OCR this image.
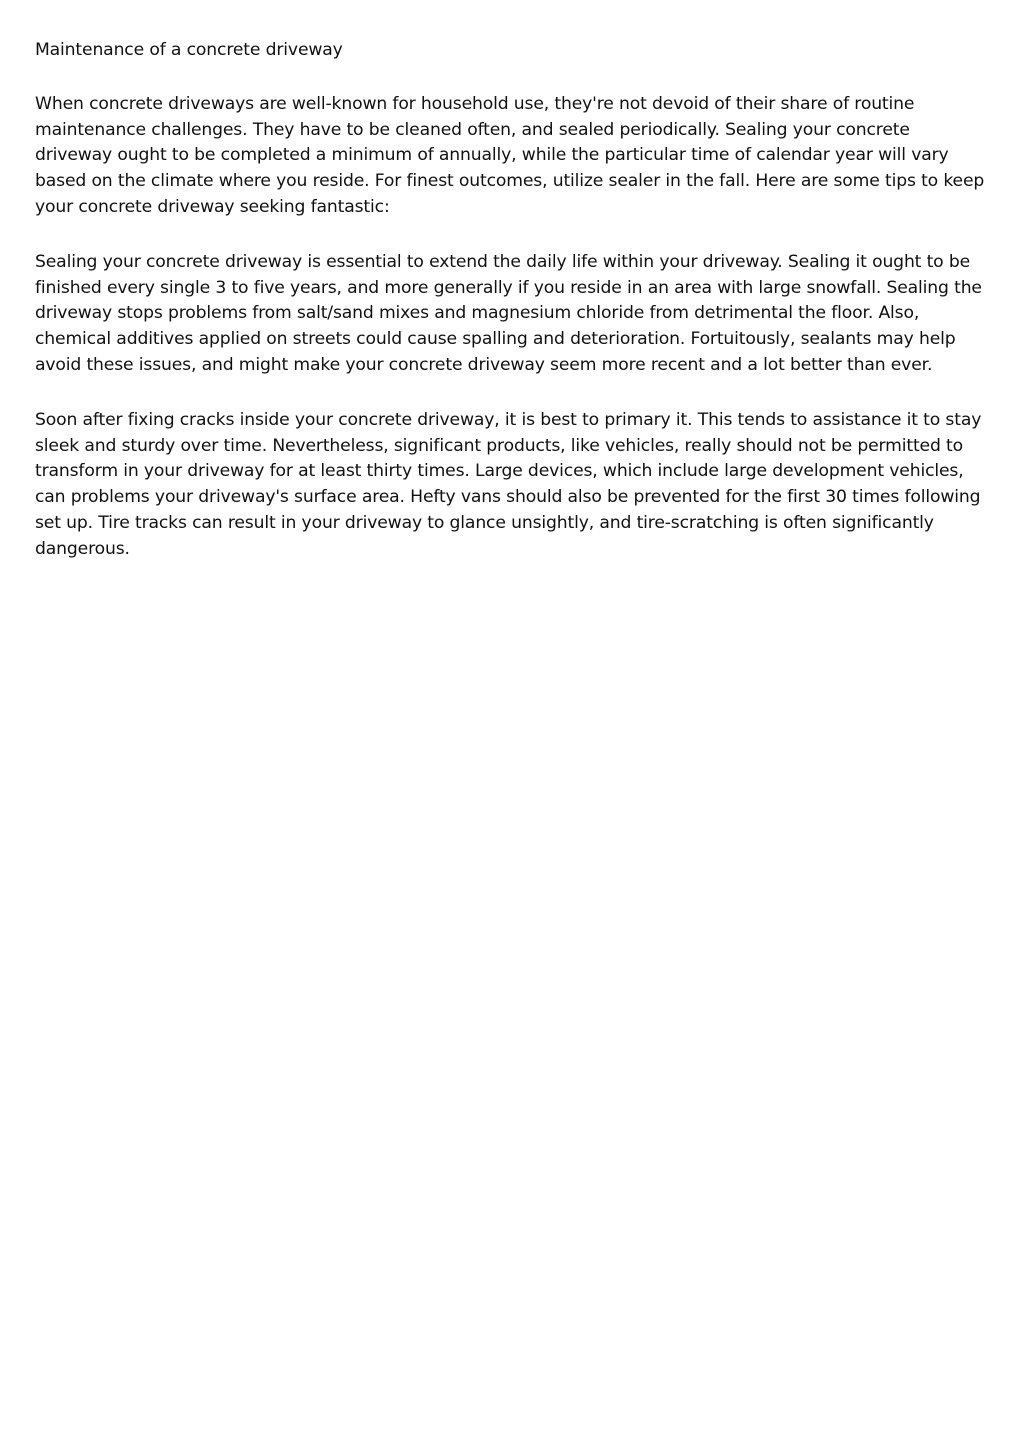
Maintenance of a concrete driveway

When concrete driveways are well-known for household use, they're not devoid of their share of routine maintenance challenges. They have to be cleaned often, and sealed periodically. Sealing your concrete driveway ought to be completed a minimum of annually, while the particular time of calendar year will vary based on the climate where you reside. For finest outcomes, utilize sealer in the fall. Here are some tips to keep your concrete driveway seeking fantastic:

Sealing your concrete driveway is essential to extend the daily life within your driveway. Sealing it ought to be finished every single 3 to five years, and more generally if you reside in an area with large snowfall. Sealing the driveway stops problems from salt/sand mixes and magnesium chloride from detrimental the floor. Also, chemical additives applied on streets could cause spalling and deterioration. Fortuitously, sealants may help avoid these issues, and might make your concrete driveway seem more recent and a lot better than ever.

Soon after fixing cracks inside your concrete driveway, it is best to primary it. This tends to assistance it to stay sleek and sturdy over time. Nevertheless, significant products, like vehicles, really should not be permitted to transform in your driveway for at least thirty times. Large devices, which include large development vehicles, can problems your driveway's surface area. Hefty vans should also be prevented for the first 30 times following set up. Tire tracks can result in your driveway to glance unsightly, and tire-scratching is often significantly dangerous.
